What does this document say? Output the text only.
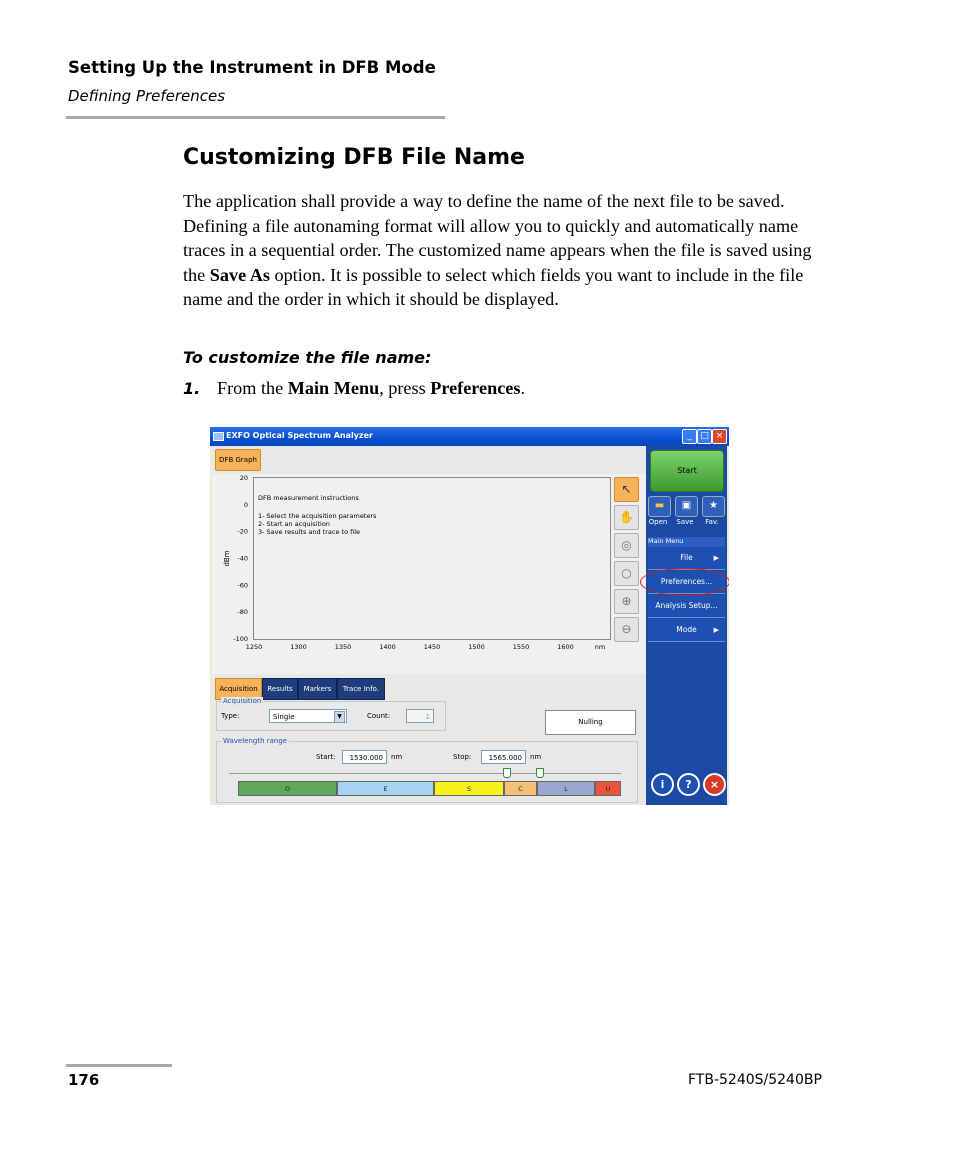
Setting Up the Instrument in DFB Mode
Defining Preferences
Customizing DFB File Name
The application shall provide a way to define the name of the next file to be saved. Defining a file autonaming format will allow you to quickly and automatically name traces in a sequential order. The customized name appears when the file is saved using the Save As option. It is possible to select which fields you want to include in the file name and the order in which it should be displayed.
To customize the file name:
1. From the Main Menu, press Preferences.
EXFO Optical Spectrum Analyzer	_ □ ×
DFB Graph
20
0
-20
-40
-60
-80
-100
1250	1300	1350	1400	1450	1500	1550	1600	nm
dBm
DFB measurement instructions
1- Select the acquisition parameters
2- Start an acquisition
3- Save results and trace to file
↖
✋
◎
○
⊕
⊖
Acquisition	Results	Markers	Trace Info.
Acquisition
Type:	Single	▼	Count:	1
Nulling
Wavelength range
Start:	1530.000	nm	Stop:	1565.000	nm
O	E	S	C	L	U
Start
▬	▣	★
Open	Save	Fav.
Main Menu
File	▶
Preferences...
Analysis Setup...
Mode ▶
i	?	×
176	FTB-5240S/5240BP
